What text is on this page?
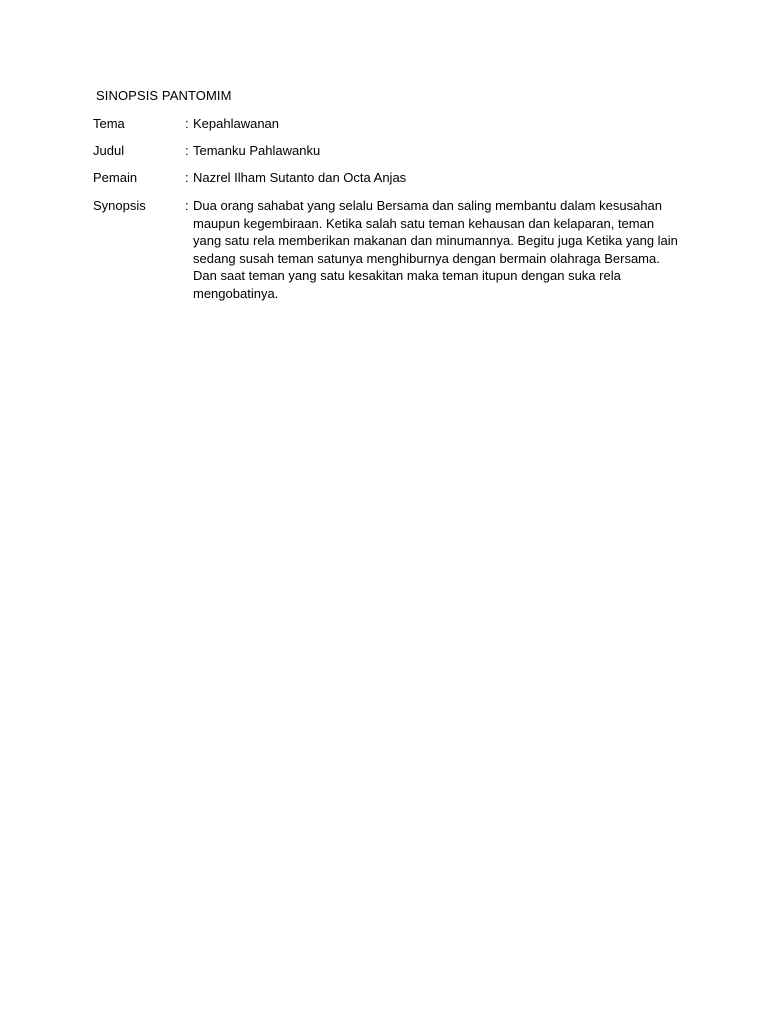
SINOPSIS PANTOMIM
Tema	: Kepahlawanan
Judul	: Temanku Pahlawanku
Pemain	: Nazrel Ilham Sutanto dan Octa Anjas
Synopsis	: Dua orang sahabat yang selalu Bersama dan saling membantu dalam kesusahan
maupun kegembiraan. Ketika salah satu teman kehausan dan kelaparan, teman
yang satu rela memberikan makanan dan minumannya. Begitu juga Ketika yang lain
sedang susah teman satunya menghiburnya dengan bermain olahraga Bersama.
Dan saat teman yang satu kesakitan maka teman itupun dengan suka rela
mengobatinya.
